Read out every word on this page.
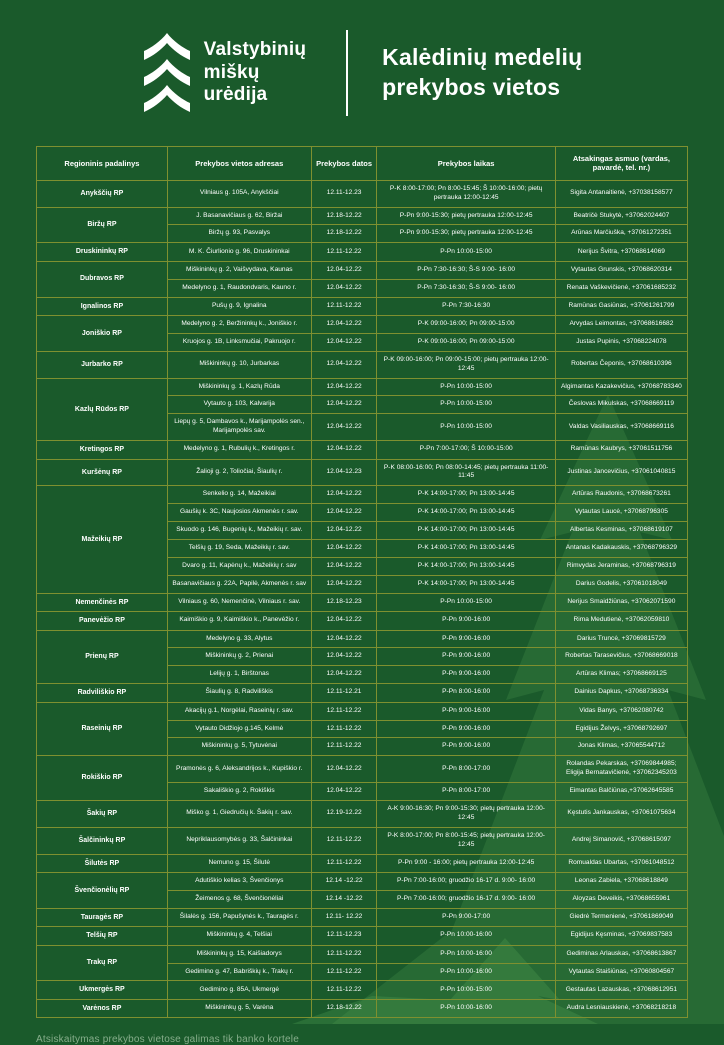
Valstybinių
miškų
urėdija
Kalėdinių medelių
prekybos vietos
Regioninis padalinys	Prekybos vietos adresas	Prekybos datos	Prekybos laikas	Atsakingas asmuo (vardas, pavardė, tel. nr.)
Anykščių RP	Vilniaus g. 105A, Anykščiai	12.11-12.23	P-K 8:00-17:00; Pn 8:00-15:45; Š 10:00-16:00; pietų pertrauka 12:00-12:45	Sigita Antanaitienė, +37038158577
Biržų RP	J. Basanavičiaus g. 62, Biržai	12.18-12.22	P-Pn 9:00-15:30; pietų pertrauka 12:00-12:45	Beatričė Stukytė, +37062024407
	Biržų g. 93, Pasvalys	12.18-12.22	P-Pn 9:00-15:30; pietų pertrauka 12:00-12:45	Arūnas Marčiuška, +37061272351
Druskininkų RP	M. K. Čiurlionio g. 96, Druskininkai	12.11-12.22	P-Pn 10:00-15:00	Nerijus Švitra, +37068614069
Dubravos RP	Miškininkų g. 2, Vaišvydava, Kaunas	12.04-12.22	P-Pn 7:30-16:30; Š-S 9:00- 16:00	Vytautas Grunskis, +37068620314
	Medelyno g. 1, Raudondvaris, Kauno r.	12.04-12.22	P-Pn 7:30-16:30; Š-S 9:00- 16:00	Renata Vaškevičienė, +37061685232
Ignalinos RP	Pušų g. 9, Ignalina	12.11-12.22	P-Pn 7:30-16:30	Ramūnas Gasiūnas, +37061261799
Joniškio RP	Medelyno g. 2, Beržininkų k., Joniškio r.	12.04-12.22	P-K 09:00-16:00; Pn 09:00-15:00	Arvydas Leimontas, +37068616682
	Kruojos g. 1B, Linksmučiai, Pakruojo r.	12.04-12.22	P-K 09:00-16:00; Pn 09:00-15:00	Justas Pupinis, +37068224078
Jurbarko RP	Miškininkų g. 10, Jurbarkas	12.04-12.22	P-K 09:00-16:00; Pn 09:00-15:00; pietų pertrauka 12:00-12:45	Robertas Čeponis, +37068610396
Kazlų Rūdos RP	Miškininkų g. 1, Kazlų Rūda	12.04-12.22	P-Pn 10:00-15:00	Algimantas Kazakevičius, +37068783340
	Vytauto g. 103, Kalvarija	12.04-12.22	P-Pn 10:00-15:00	Česlovas Mikulskas, +37068669119
	Liepų g. 5, Dambavos k., Marijampolės sen., Marijampolės sav.	12.04-12.22	P-Pn 10:00-15:00	Valdas Vasiliauskas, +37068669116
Kretingos RP	Medelyno g. 1, Rubulių k., Kretingos r.	12.04-12.22	P-Pn 7:00-17:00; Š 10:00-15:00	Ramūnas Kaubrys, +37061511756
Kuršėnų RP	Žalioji g. 2, Toliočiai, Šiaulių r.	12.04-12.23	P-K 08:00-16:00; Pn 08:00-14:45; pietų pertrauka 11:00-11:45	Justinas Jancevičius, +37061040815
Mažeikių RP	Senkelio g. 14, Mažeikiai	12.04-12.22	P-K 14:00-17:00; Pn 13:00-14:45	Artūras Raudonis, +37068673261
	Gaušių k. 3C, Naujosios Akmenės r. sav.	12.04-12.22	P-K 14:00-17:00; Pn 13:00-14:45	Vytautas Laucė, +37068796305
	Skuodo g. 146, Bugenių k., Mažeikių r. sav.	12.04-12.22	P-K 14:00-17:00; Pn 13:00-14:45	Albertas Kesminas, +37068619107
	Telšių g. 19, Seda, Mažeikių r. sav.	12.04-12.22	P-K 14:00-17:00; Pn 13:00-14:45	Antanas Kadakauskis, +37068796329
	Dvaro g. 11, Kapėnų k., Mažeikių r. sav	12.04-12.22	P-K 14:00-17:00; Pn 13:00-14:45	Rimvydas Jeraminas, +37068796319
	Basanavičiaus g. 22A, Papilė, Akmenės r. sav	12.04-12.22	P-K 14:00-17:00; Pn 13:00-14:45	Darius Godelis, +37061018049
Nemenčinės RP	Vilniaus g. 60, Nemenčinė, Vilniaus r. sav.	12.18-12.23	P-Pn 10:00-15:00	Nerijus Smaidžiūnas, +37062071590
Panevėžio RP	Kaimiškio g. 9, Kaimiškio k., Panevėžio r.	12.04-12.22	P-Pn 9:00-16:00	Rima Medutienė, +37062059810
Prienų RP	Medelyno g. 33, Alytus	12.04-12.22	P-Pn 9:00-16:00	Darius Truncė, +37069815729
	Miškininkų g. 2, Prienai	12.04-12.22	P-Pn 9:00-16:00	Robertas Tarasevičius, +37068669018
	Lelijų g. 1, Birštonas	12.04-12.22	P-Pn 9:00-16:00	Artūras Klimas; +37068669125
Radviliškio RP	Šiaulių g. 8, Radviliškis	12.11-12.21	P-Pn 8:00-16:00	Dainius Dapkus, +37068736334
Raseinių RP	Akacijų g.1, Norgėlai, Raseinių r. sav.	12.11-12.22	P-Pn 9:00-16:00	Vidas Banys, +37062080742
	Vytauto Didžiojo g.145, Kelmė	12.11-12.22	P-Pn 9:00-16:00	Egidijus Želvys, +37068792697
	Miškininkų g. 5, Tytuvėnai	12.11-12.22	P-Pn 9:00-16:00	Jonas Klimas, +37065544712
Rokiškio RP	Pramonės g. 6, Aleksandrijos k., Kupiškio r.	12.04-12.22	P-Pn 8:00-17:00	Rolandas Pekarskas, +37069844985; Eligija Bernatavičienė, +37062345203
	Sakališkio g. 2, Rokiškis	12.04-12.22	P-Pn 8:00-17:00	Eimantas Balčiūnas,+37062645585
Šakių RP	Miško g. 1, Giedručių k. Šakių r. sav.	12.19-12.22	A-K 9:00-16:30; Pn 9:00-15:30; pietų pertrauka 12:00-12:45	Kęstutis Jankauskas, +37061075634
Šalčininkų RP	Nepriklausomybės g. 33, Šalčininkai	12.11-12.22	P-K 8:00-17:00; Pn 8:00-15:45; pietų pertrauka 12:00-12:45	Andrej Simanovič, +37068615097
Šilutės RP	Nemuno g. 15, Šilutė	12.11-12.22	P-Pn 9:00 - 16:00; pietų pertrauka 12:00-12:45	Romualdas Ubartas, +37061048512
Švenčionėlių RP	Adutiškio kelias 3, Švenčionys	12.14 -12.22	P-Pn 7:00-16:00; gruodžio 16-17 d. 9:00- 16:00	Leonas Zabiela, +37068618849
	Žeimenos g. 68, Švenčionėliai	12.14 -12.22	P-Pn 7:00-16:00; gruodžio 16-17 d. 9:00- 16:00	Aloyzas Deveikis, +37068655961
Tauragės RP	Šilalės g. 156, Papušynės k., Tauragės r.	12.11- 12.22	P-Pn 9:00-17:00	Giedrė Termenienė, +37061869049
Telšių RP	Miškininkų g. 4, Telšiai	12.11-12.23	P-Pn 10:00-16:00	Egidijus Kęsminas, +37069837583
Trakų RP	Miškininkų g. 15, Kaišiadorys	12.11-12.22	P-Pn 10:00-16:00	Gediminas Arlauskas, +37068613867
	Gedimino g. 47, Babriškių k., Trakų r.	12.11-12.22	P-Pn 10:00-16:00	Vytautas Staišiūnas, +37060804567
Ukmergės RP	Gedimino g. 85A, Ukmergė	12.11-12.22	P-Pn 10:00-15:00	Gestautas Lazauskas, +37068612951
Varėnos RP	Miškininkų g. 5, Varėna	12.18-12.22	P-Pn 10:00-16:00	Audra Lesniauskienė, +37068218218
Atsiskaitymas prekybos vietose galimas tik banko kortele
